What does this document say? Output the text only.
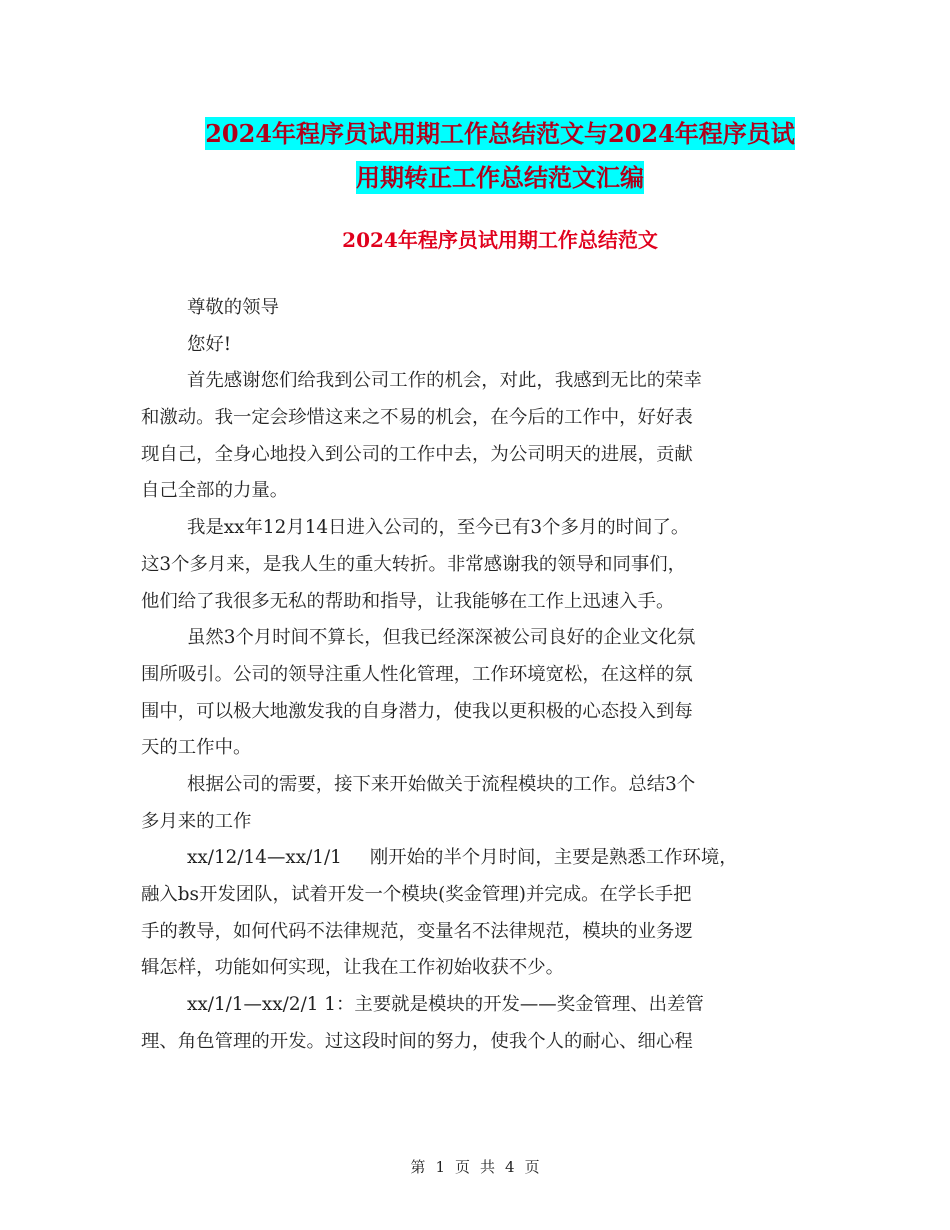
2024年程序员试用期工作总结范文与2024年程序员试
用期转正工作总结范文汇编
2024年程序员试用期工作总结范文
尊敬的领导
您好!
首先感谢您们给我到公司工作的机会，对此，我感到无比的荣幸
和激动。我一定会珍惜这来之不易的机会，在今后的工作中，好好表
现自己，全身心地投入到公司的工作中去，为公司明天的进展，贡献
自己全部的力量。
我是xx年12月14日进入公司的，至今已有3个多月的时间了。
这3个多月来，是我人生的重大转折。非常感谢我的领导和同事们，
他们给了我很多无私的帮助和指导，让我能够在工作上迅速入手。
虽然3个月时间不算长，但我已经深深被公司良好的企业文化氛
围所吸引。公司的领导注重人性化管理，工作环境宽松，在这样的氛
围中，可以极大地激发我的自身潜力，使我以更积极的心态投入到每
天的工作中。
根据公司的需要，接下来开始做关于流程模块的工作。总结3个
多月来的工作
xx/12/14—xx/1/1 刚开始的半个月时间，主要是熟悉工作环境，
融入bs开发团队，试着开发一个模块(奖金管理)并完成。在学长手把
手的教导，如何代码不法律规范，变量名不法律规范，模块的业务逻
辑怎样，功能如何实现，让我在工作初始收获不少。
xx/1/1—xx/2/1 1：主要就是模块的开发——奖金管理、出差管
理、角色管理的开发。过这段时间的努力，使我个人的耐心、细心程
第 1 页 共 4 页
